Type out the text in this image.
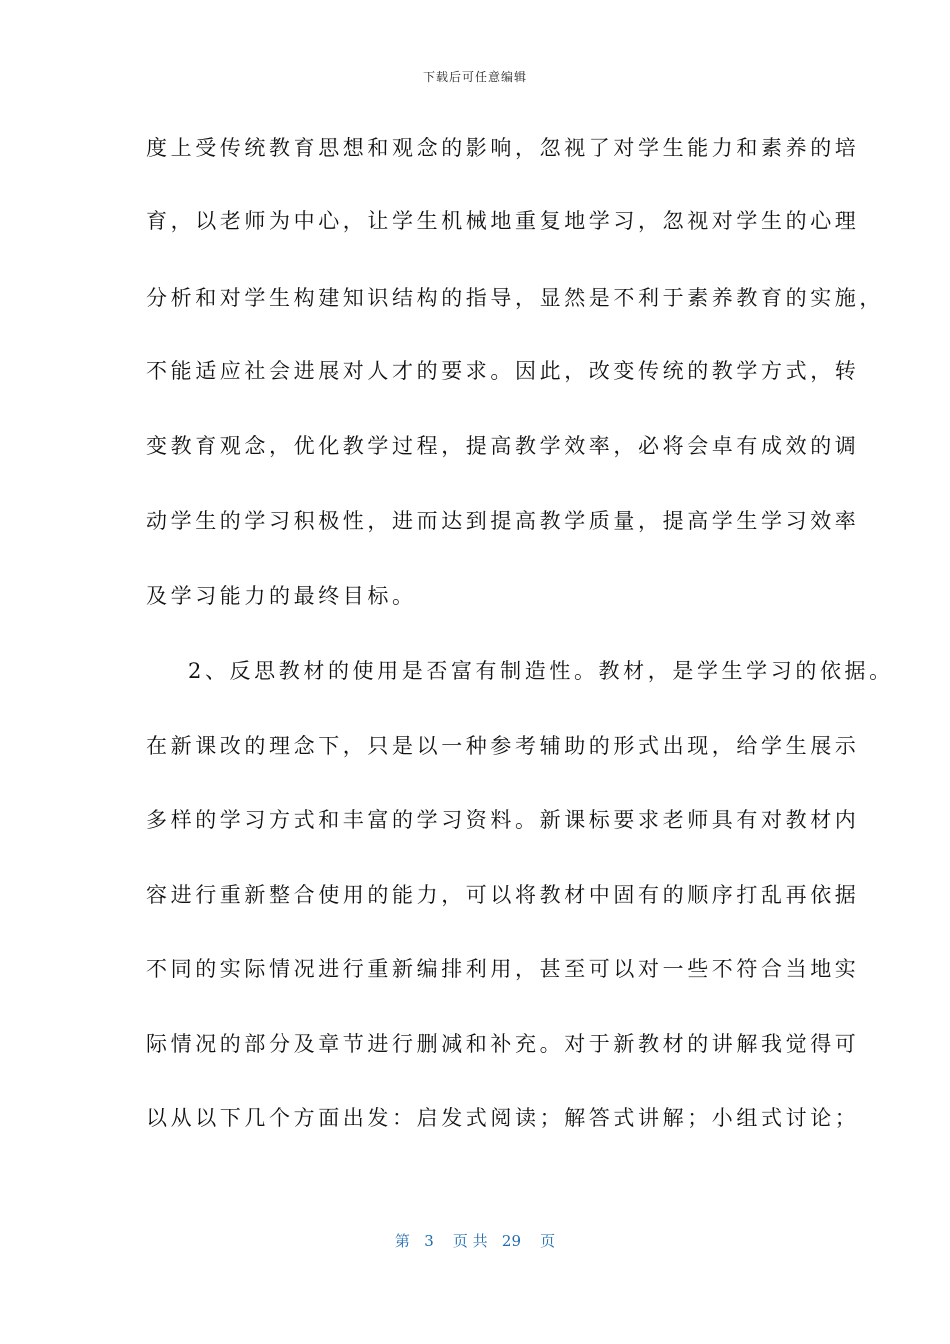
下载后可任意编辑
度上受传统教育思想和观念的影响，忽视了对学生能力和素养的培
育，以老师为中心，让学生机械地重复地学习，忽视对学生的心理
分析和对学生构建知识结构的指导，显然是不利于素养教育的实施，
不能适应社会进展对人才的要求。因此，改变传统的教学方式，转
变教育观念，优化教学过程，提高教学效率，必将会卓有成效的调
动学生的学习积极性，进而达到提高教学质量，提高学生学习效率
及学习能力的最终目标。
2、反思教材的使用是否富有制造性。教材，是学生学习的依据。
在新课改的理念下，只是以一种参考辅助的形式出现，给学生展示
多样的学习方式和丰富的学习资料。新课标要求老师具有对教材内
容进行重新整合使用的能力，可以将教材中固有的顺序打乱再依据
不同的实际情况进行重新编排利用，甚至可以对一些不符合当地实
际情况的部分及章节进行删减和补充。对于新教材的讲解我觉得可
以从以下几个方面出发：启发式阅读；解答式讲解；小组式讨论；
第 3 页 共 29 页
